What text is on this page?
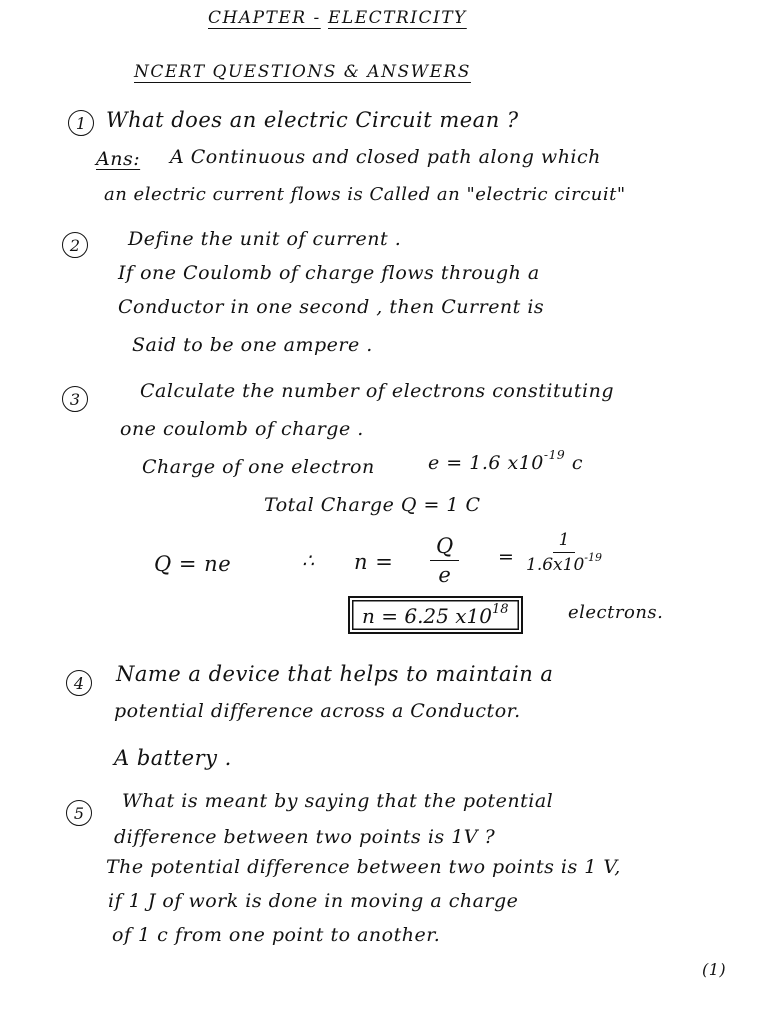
CHAPTER - ELECTRICITY
NCERT QUESTIONS & ANSWERS
1 What does an electric Circuit mean ?
Ans: A Continuous and closed path along which
an electric current flows is Called an "electric circuit"
2	Define the unit of current .
If one Coulomb of charge flows through a
Conductor in one second , then Current is
Said to be one ampere .
3	Calculate the number of electrons constituting
one coulomb of charge .
Charge of one electron	e = 1.6 $x10^{-19}$ c
Total Charge Q = 1 C
Q = ne	∴ $n = \frac{Q}{e} = \frac{1}{1.6x10^{-19}}$
n = 6.25 $x10^{18}$	electrons.
4	Name a device that helps to maintain a
potential difference across a Conductor.
A battery .
5
What is meant by saying that the potential
difference between two points is 1V ?
The potential difference between two points is 1 V,
if 1 J of work is done in moving a charge
of 1 c from one point to another.
(1)
